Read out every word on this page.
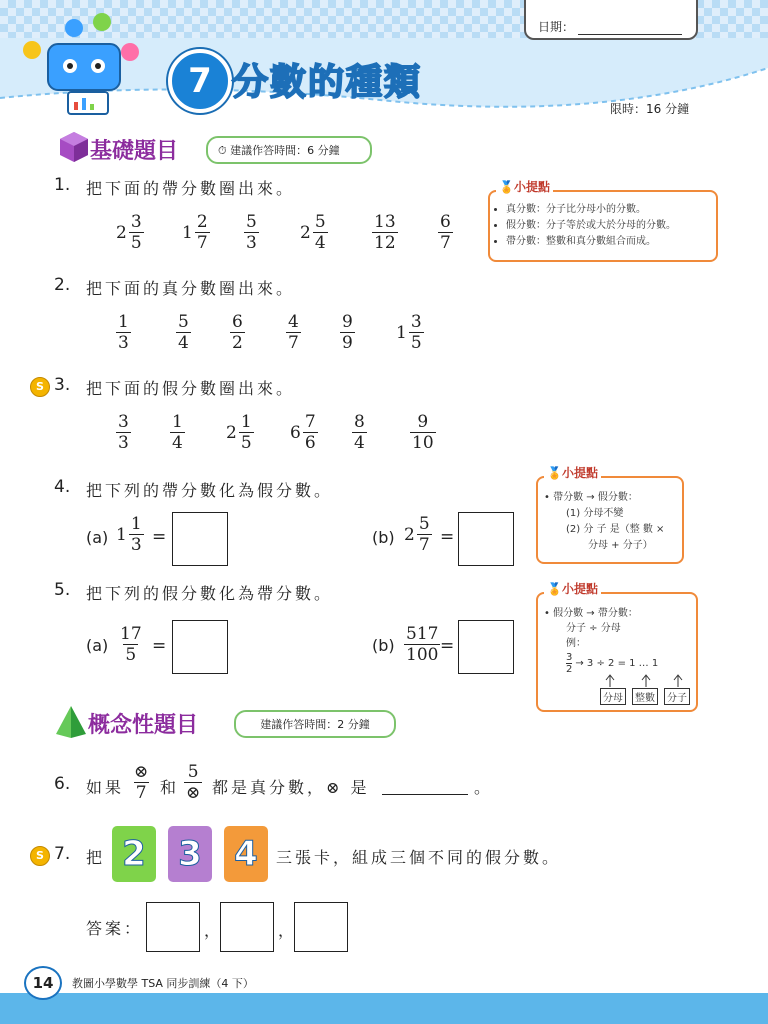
日期：
7 分數的種類
限時：16 分鐘
基礎題目	⏱ 建議作答時間：6 分鐘
• 真分數：分子比分母小的分數。
• 假分數：分子等於或大於分母的分數。
• 帶分數：整數和真分數組合而成。
🏅小提點
1. 把下面的帶分數圈出來。
$2 \frac{3}{5} 1 \frac{2}{7} \frac{5}{3} 2 \frac{5}{4}$	$\frac{13}{12} \frac{6}{7}$
2. 把下面的真分數圈出來。
$\frac{1}{3}$	$\frac{5}{4} \frac{6}{2} \frac{4}{7} \frac{9}{9} 1 \frac{3}{5}$
S 3. 把下面的假分數圈出來。
$\frac{3}{3} \frac{1}{4} 2 \frac{1}{5} 6 \frac{7}{6} \frac{8}{4}$	$\frac{9}{10}$
4. 把下列的帶分數化為假分數。
(a) $1 \frac{1}{3}$ =	(b) $2 \frac{5}{7}$ =
• 帶分數 → 假分數：
(1) 分母不變
(2) 分 子 是（整 數 ×
分母 + 分子）
🏅小提點
5. 把下列的假分數化為帶分數。
$(a) \frac{17}{5}$ =	$(b) \frac{517}{100}$ =
• 假分數 → 帶分數：
分子 ÷ 分母
例：
3
2
→ 3 ÷ 2 = 1 … 1
分母	整數	分子
🏅小提點
概念性題目	建議作答時間：2 分鐘
6. 如果 $\frac{\otimes}{7}$ 和 $\frac{5}{\otimes}$ 都是真分數，⊗ 是	。
S 7. 把 2 3 4	三張卡，組成三個不同的假分數。
答案：	，	，
14	教圖小學數學 TSA 同步訓練（4 下）
